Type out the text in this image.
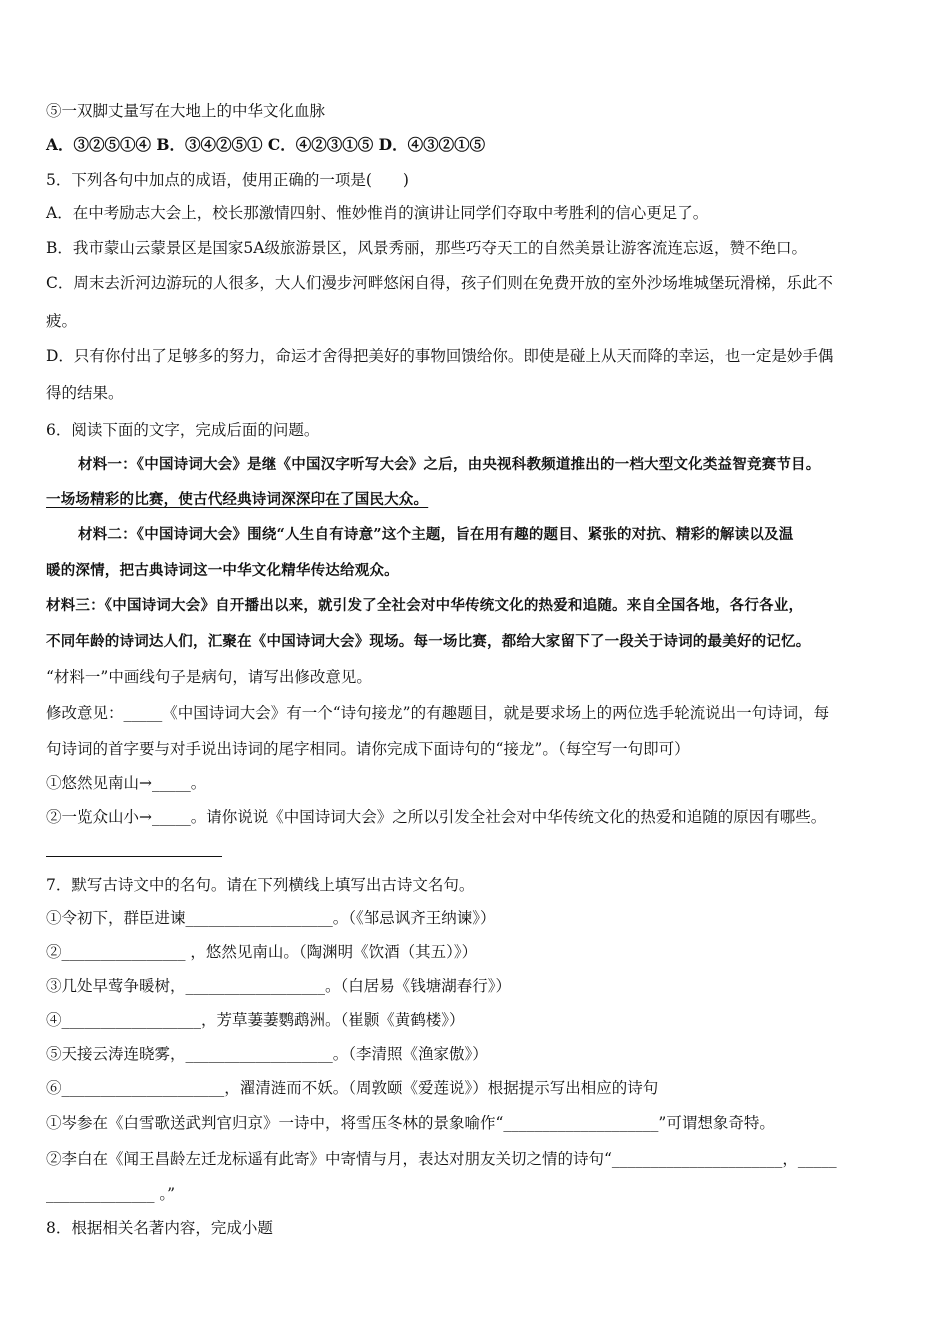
⑤一双脚丈量写在大地上的中华文化血脉
A．③②⑤①④ B．③④②⑤① C．④②③①⑤ D．④③②①⑤
5．下列各句中加点的成语，使用正确的一项是(　　)
A．在中考励志大会上，校长那激情四射、惟妙惟肖的演讲让同学们夺取中考胜利的信心更足了。
B．我市蒙山云蒙景区是国家5A级旅游景区，风景秀丽，那些巧夺天工的自然美景让游客流连忘返，赞不绝口。
C．周末去沂河边游玩的人很多，大人们漫步河畔悠闲自得，孩子们则在免费开放的室外沙场堆城堡玩滑梯，乐此不
疲。
D．只有你付出了足够多的努力，命运才舍得把美好的事物回馈给你。即使是碰上从天而降的幸运，也一定是妙手偶
得的结果。
6．阅读下面的文字，完成后面的问题。
材料一：《中国诗词大会》是继《中国汉字听写大会》之后，由央视科教频道推出的一档大型文化类益智竞赛节目。
一场场精彩的比赛，使古代经典诗词深深印在了国民大众。
材料二：《中国诗词大会》围绕“人生自有诗意”这个主题，旨在用有趣的题目、紧张的对抗、精彩的解读以及温
暖的深情，把古典诗词这一中华文化精华传达给观众。
材料三：《中国诗词大会》自开播出以来，就引发了全社会对中华传统文化的热爱和追随。来自全国各地，各行各业，
不同年龄的诗词达人们，汇聚在《中国诗词大会》现场。每一场比赛，都给大家留下了一段关于诗词的最美好的记忆。
“材料一”中画线句子是病句，请写出修改意见。
修改意见：_____《中国诗词大会》有一个“诗句接龙”的有趣题目，就是要求场上的两位选手轮流说出一句诗词，每
句诗词的首字要与对手说出诗词的尾字相同。请你完成下面诗句的“接龙”。（每空写一句即可）
①悠然见南山→_____。
②一览众山小→_____。请你说说《中国诗词大会》之所以引发全社会对中华传统文化的热爱和追随的原因有哪些。
7．默写古诗文中的名句。请在下列横线上填写出古诗文名句。
①令初下，群臣进谏___________________。（《邹忌讽齐王纳谏》）
②________________ ，悠然见南山。（陶渊明《饮酒（其五）》）
③几处早莺争暖树，__________________。（白居易《钱塘湖春行》）
④__________________，芳草萋萋鹦鹉洲。（崔颢《黄鹤楼》）
⑤天接云涛连晓雾，___________________。（李清照《渔家傲》）
⑥_____________________，濯清涟而不妖。（周敦颐《爱莲说》）根据提示写出相应的诗句
①岑参在《白雪歌送武判官归京》一诗中，将雪压冬林的景象喻作“____________________”可谓想象奇特。
②李白在《闻王昌龄左迁龙标遥有此寄》中寄情与月，表达对朋友关切之情的诗句“______________________，_____
______________ 。”
8．根据相关名著内容，完成小题
